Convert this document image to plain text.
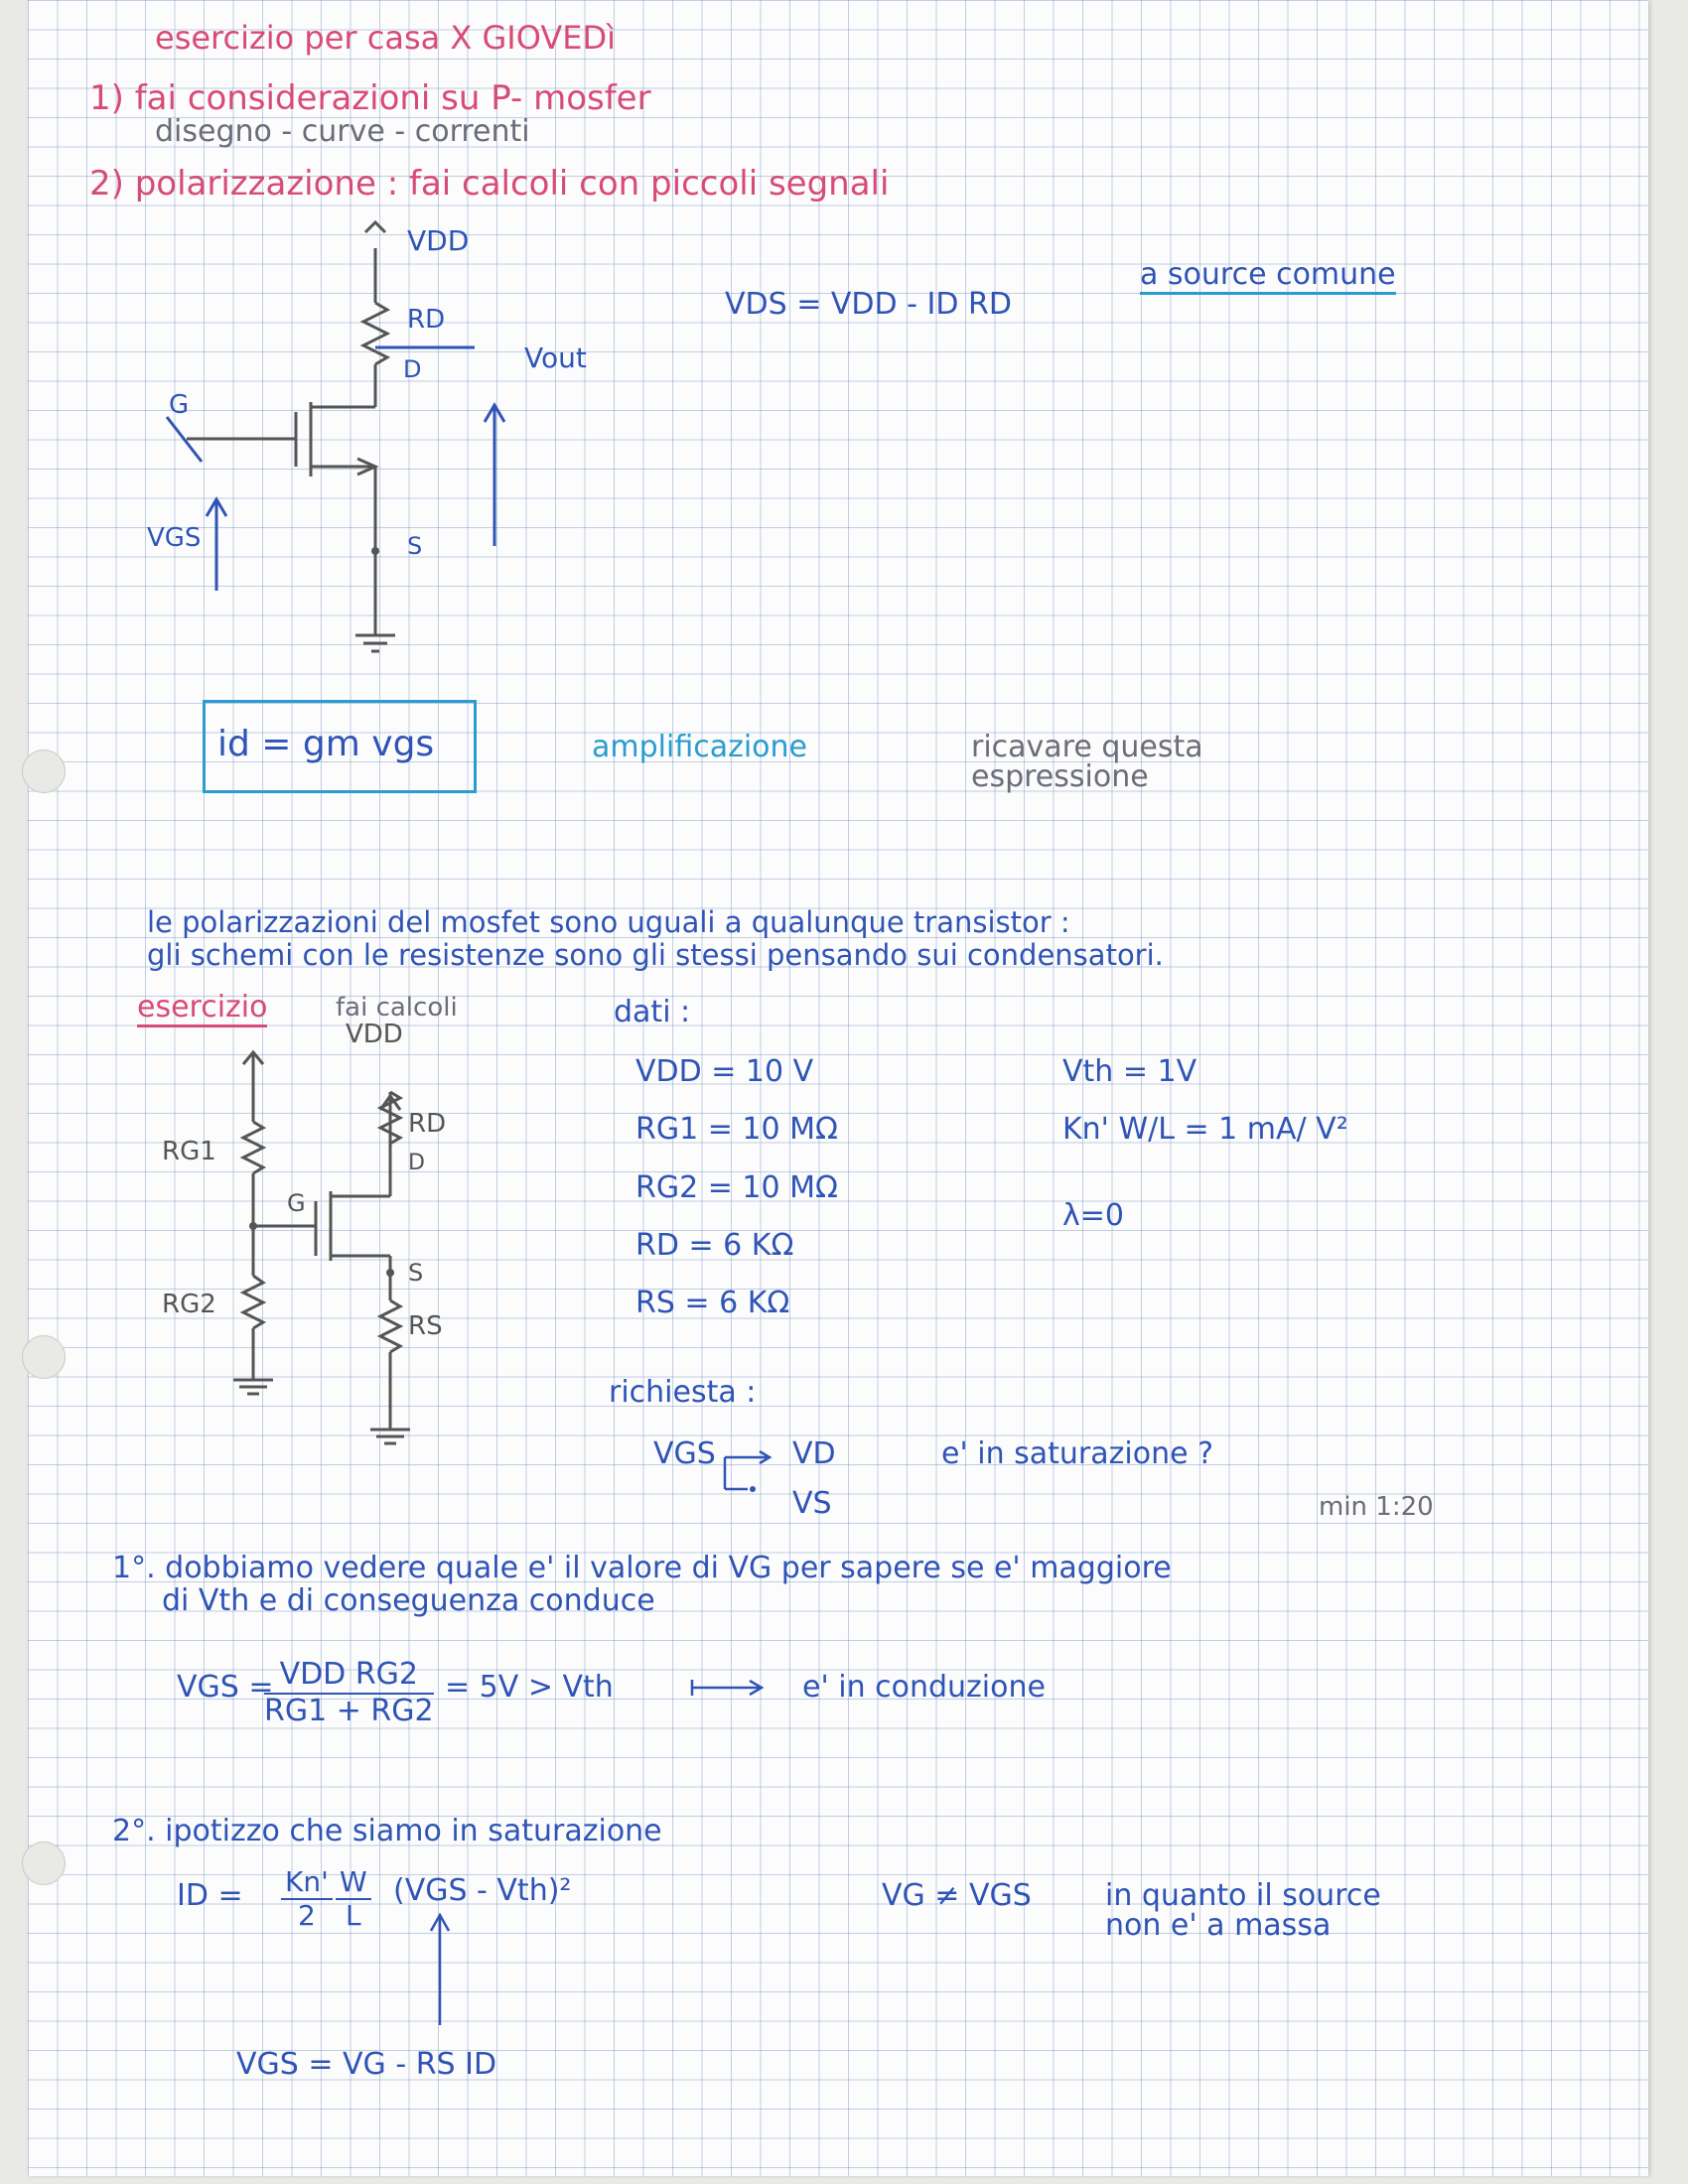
esercizio per casa X GIOVEDì
1) fai considerazioni su P- mosfer
disegno - curve - correnti
2) polarizzazione : fai calcoli con piccoli segnali
VDD
RD
D	Vout
G
VGS	S
VDS = VDD - ID RD
a source comune
id = gm vgs	amplificazione	ricavare questa
espressione
le polarizzazioni del mosfet sono uguali a qualunque transistor :
gli schemi con le resistenze sono gli stessi pensando sui condensatori.
esercizio	fai calcoli
VDD
RG1
RD
D
G
S
RG2
RS
dati :
VDD = 10 V
RG1 = 10 MΩ
RG2 = 10 MΩ
RD = 6 KΩ
RS = 6 KΩ
Vth = 1V
Kn' W/L = 1 mA/ V²
λ=0
richiesta :
VGS	VD
VS
e' in saturazione ?
min 1:20
1°. dobbiamo vedere quale e' il valore di VG per sapere se e' maggiore
di Vth e di conseguenza conduce
VGS = VDD RG2
RG1 + RG2
= 5V > Vth	e' in conduzione
2°. ipotizzo che siamo in saturazione
ID = $\frac{Kn'}{2} \frac{W}{L} (VGS - Vth)^2$	VG ≠ VGS in quanto il source
non e' a massa
VGS = VG - RS ID
